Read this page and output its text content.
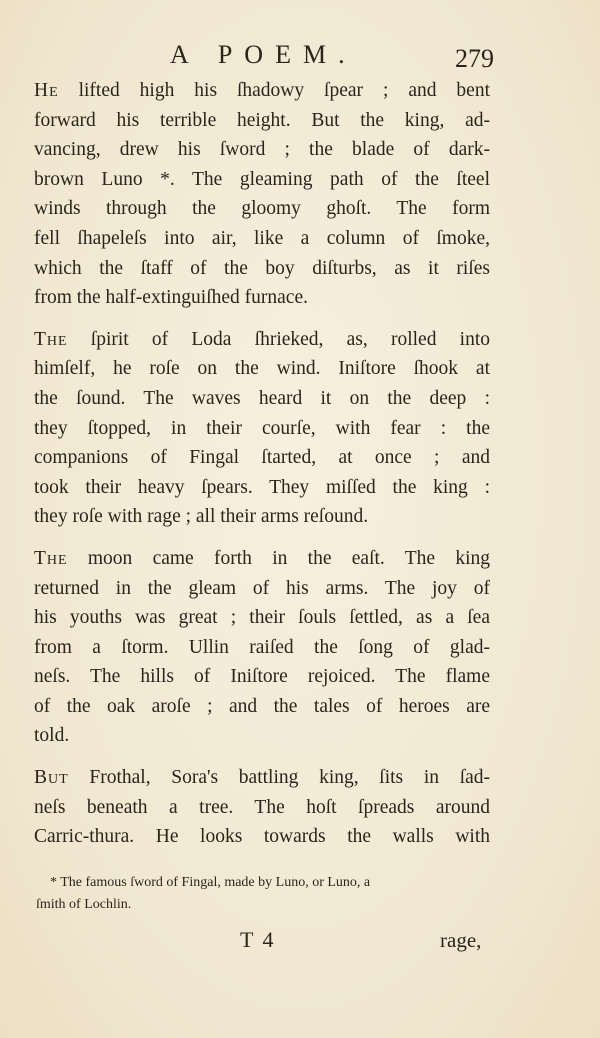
A POEM.	279
He lifted high his ſhadowy ſpear ; and bent
forward his terrible height. But the king, ad-
vancing, drew his ſword ; the blade of dark-
brown Luno *. The gleaming path of the ſteel
winds through the gloomy ghoſt. The form
fell ſhapeleſs into air, like a column of ſmoke,
which the ſtaff of the boy diſturbs, as it riſes
from the half-extinguiſhed furnace.
The ſpirit of Loda ſhrieked, as, rolled into
himſelf, he roſe on the wind. Iniſtore ſhook at
the ſound. The waves heard it on the deep :
they ſtopped, in their courſe, with fear : the
companions of Fingal ſtarted, at once ; and
took their heavy ſpears. They miſſed the king :
they roſe with rage ; all their arms reſound.
The moon came forth in the eaſt. The king
returned in the gleam of his arms. The joy of
his youths was great ; their ſouls ſettled, as a ſea
from a ſtorm. Ullin raiſed the ſong of glad-
neſs. The hills of Iniſtore rejoiced. The flame
of the oak aroſe ; and the tales of heroes are
told.
But Frothal, Sora's battling king, ſits in ſad-
neſs beneath a tree. The hoſt ſpreads around
Carric-thura. He looks towards the walls with
* The famous ſword of Fingal, made by Luno, or Luno, a
ſmith of Lochlin.
T 4	rage,
